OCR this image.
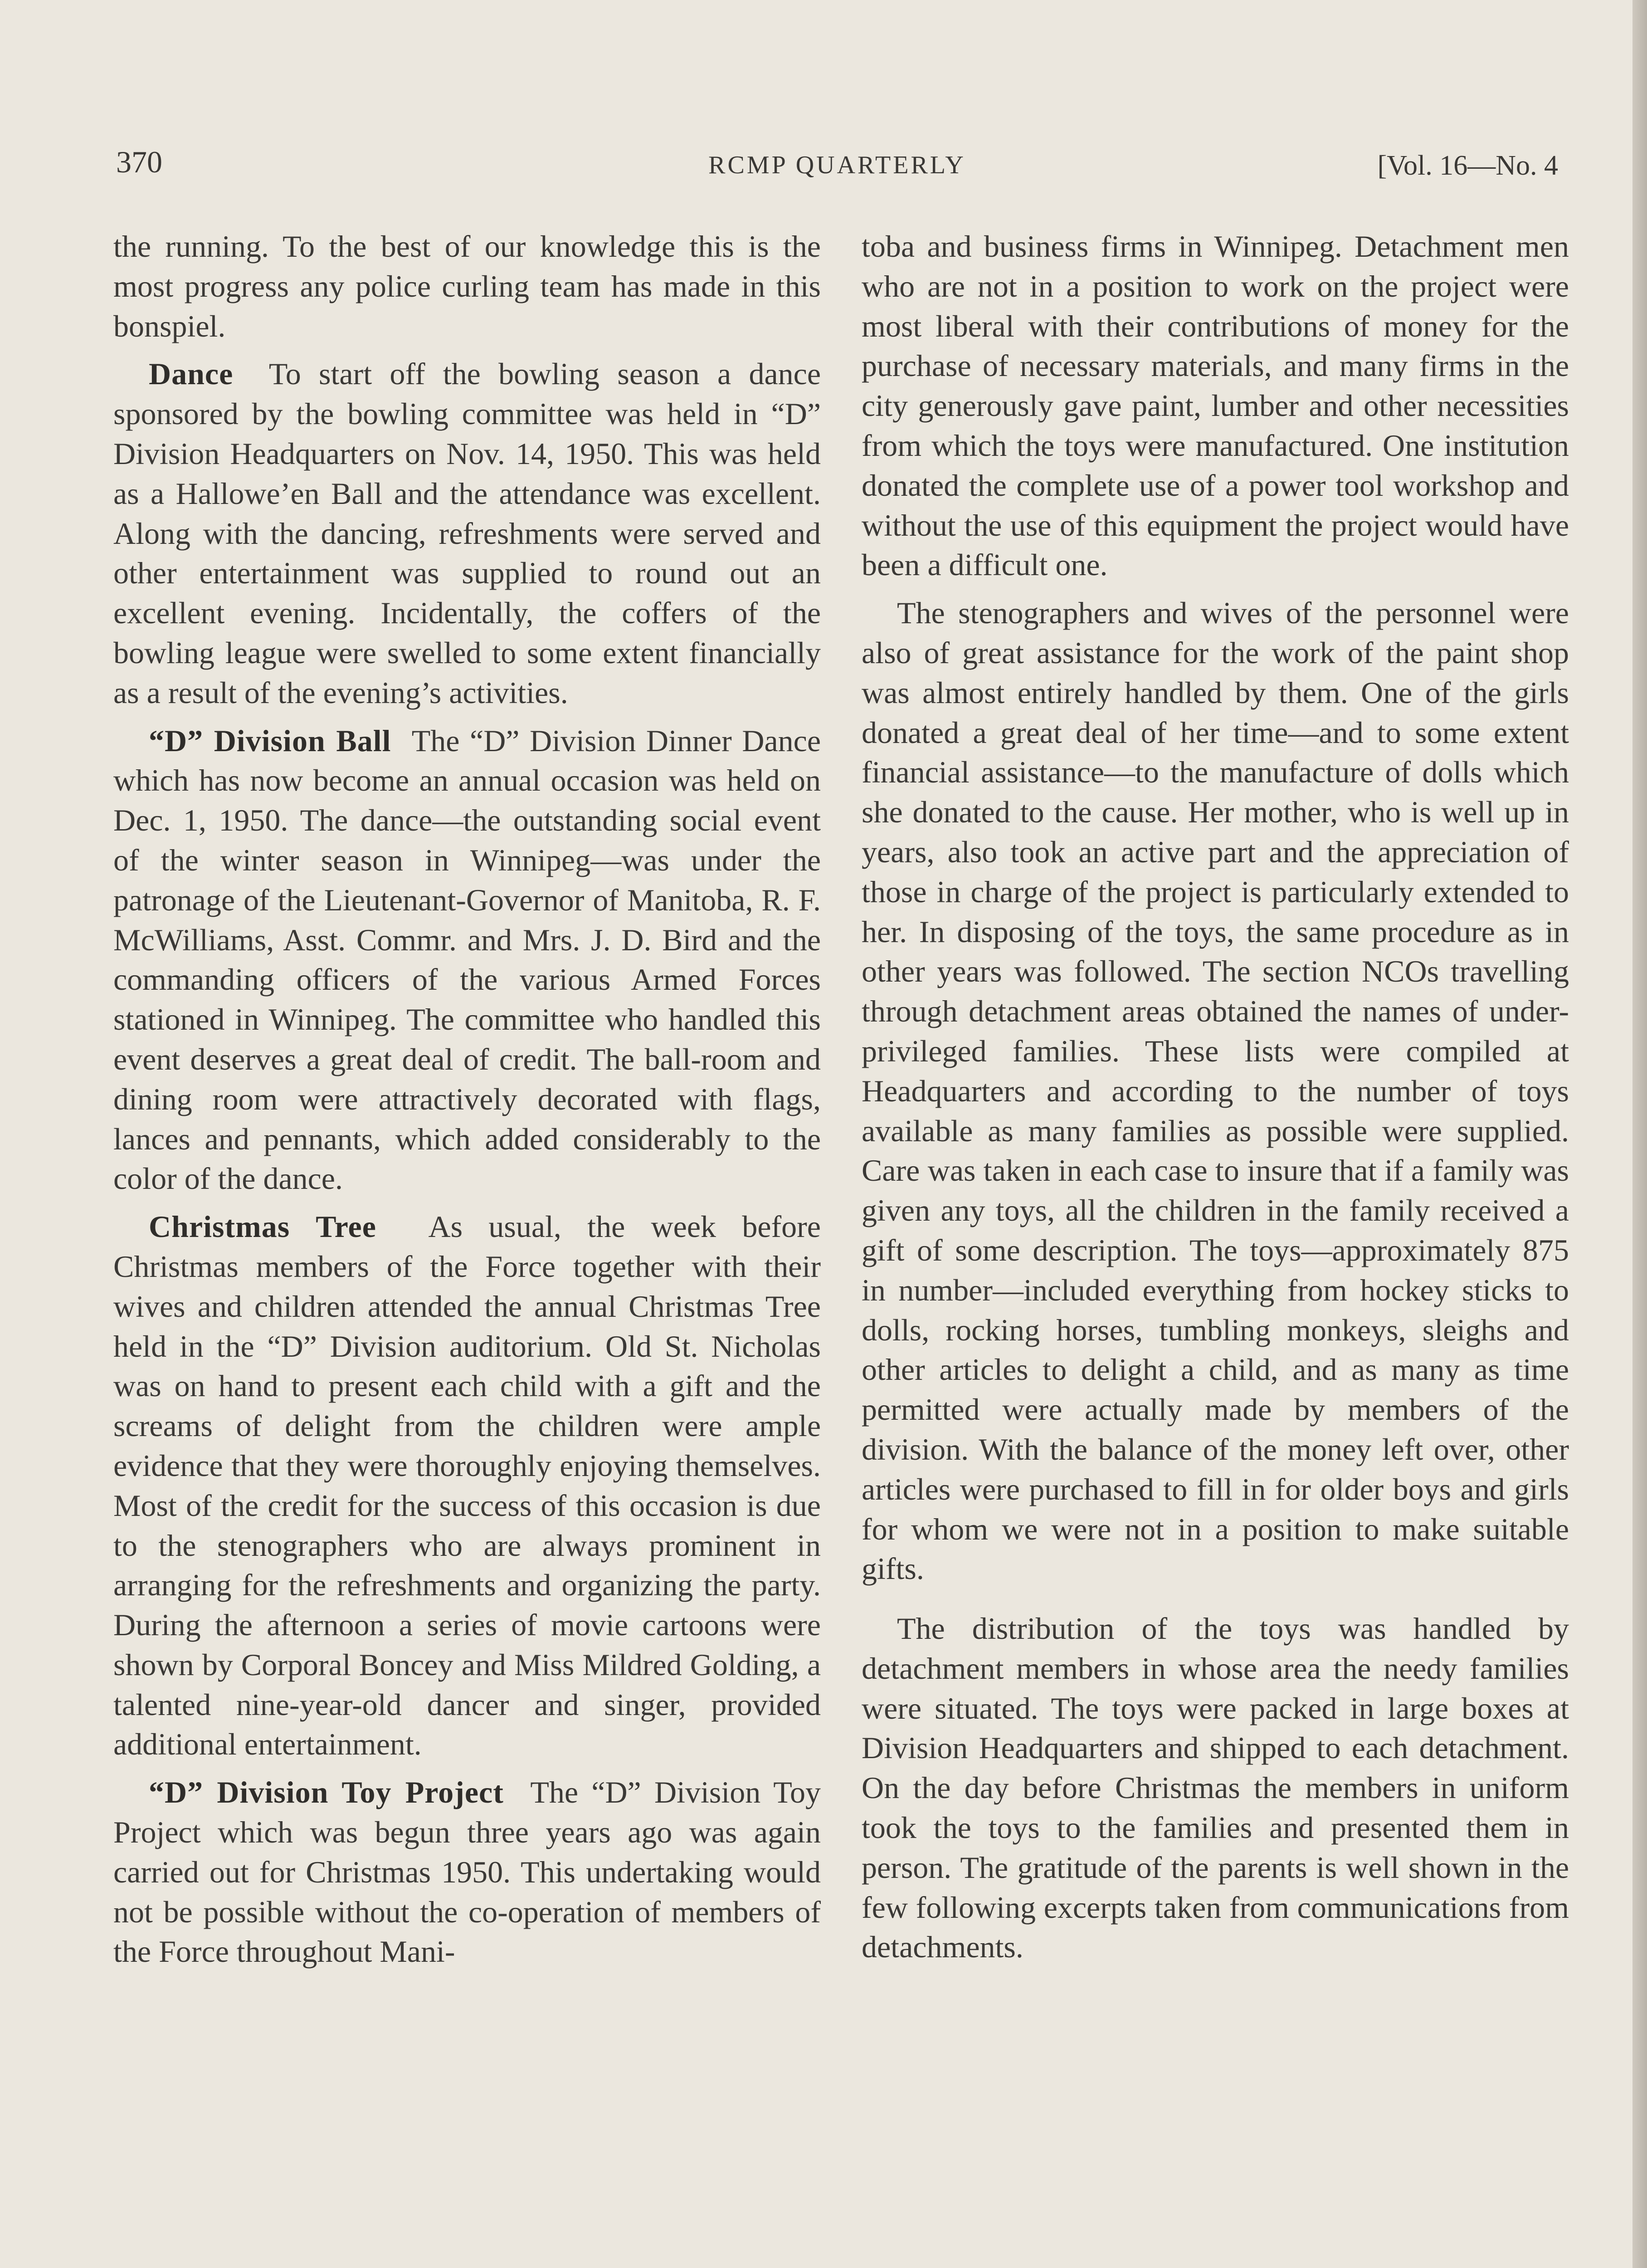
370	RCMP QUARTERLY	[Vol. 16—No. 4

the running. To the best of our knowledge this is the most progress any police curling team has made in this bonspiel.

Dance To start off the bowling season a dance sponsored by the bowling committee was held in “D” Division Headquarters on Nov. 14, 1950. This was held as a Hallowe’en Ball and the attendance was excellent. Along with the dancing, refreshments were served and other entertainment was supplied to round out an excellent evening. Incidentally, the coffers of the bowling league were swelled to some extent financially as a result of the evening’s activities.

“D” Division Ball The “D” Division Dinner Dance which has now become an annual occasion was held on Dec. 1, 1950. The dance—the outstanding social event of the winter season in Winnipeg—was under the patronage of the Lieutenant-Governor of Manitoba, R. F. McWilliams, Asst. Commr. and Mrs. J. D. Bird and the commanding officers of the various Armed Forces stationed in Winnipeg. The committee who handled this event deserves a great deal of credit. The ball-room and dining room were attractively decorated with flags, lances and pennants, which added considerably to the color of the dance.

Christmas Tree As usual, the week before Christmas members of the Force together with their wives and children attended the annual Christmas Tree held in the “D” Division auditorium. Old St. Nicholas was on hand to present each child with a gift and the screams of delight from the children were ample evidence that they were thoroughly enjoying themselves. Most of the credit for the success of this occasion is due to the stenographers who are always prominent in arranging for the refreshments and organizing the party. During the afternoon a series of movie cartoons were shown by Corporal Boncey and Miss Mildred Golding, a talented nine-year-old dancer and singer, provided additional entertainment.

“D” Division Toy Project The “D” Division Toy Project which was begun three years ago was again carried out for Christmas 1950. This undertaking would not be possible without the co-operation of members of the Force throughout Mani-

toba and business firms in Winnipeg. Detachment men who are not in a position to work on the project were most liberal with their contributions of money for the purchase of necessary materials, and many firms in the city generously gave paint, lumber and other necessities from which the toys were manufactured. One institution donated the complete use of a power tool workshop and without the use of this equipment the project would have been a difficult one.

The stenographers and wives of the personnel were also of great assistance for the work of the paint shop was almost entirely handled by them. One of the girls donated a great deal of her time—and to some extent financial assistance—to the manufacture of dolls which she donated to the cause. Her mother, who is well up in years, also took an active part and the appreciation of those in charge of the project is particularly extended to her. In disposing of the toys, the same procedure as in other years was followed. The section NCOs travelling through detachment areas obtained the names of under-privileged families. These lists were compiled at Headquarters and according to the number of toys available as many families as possible were supplied. Care was taken in each case to insure that if a family was given any toys, all the children in the family received a gift of some description. The toys—approximately 875 in number—included everything from hockey sticks to dolls, rocking horses, tumbling monkeys, sleighs and other articles to delight a child, and as many as time permitted were actually made by members of the division. With the balance of the money left over, other articles were purchased to fill in for older boys and girls for whom we were not in a position to make suitable gifts.

The distribution of the toys was handled by detachment members in whose area the needy families were situated. The toys were packed in large boxes at Division Headquarters and shipped to each detachment. On the day before Christmas the members in uniform took the toys to the families and presented them in person. The gratitude of the parents is well shown in the few following excerpts taken from communications from detachments.
